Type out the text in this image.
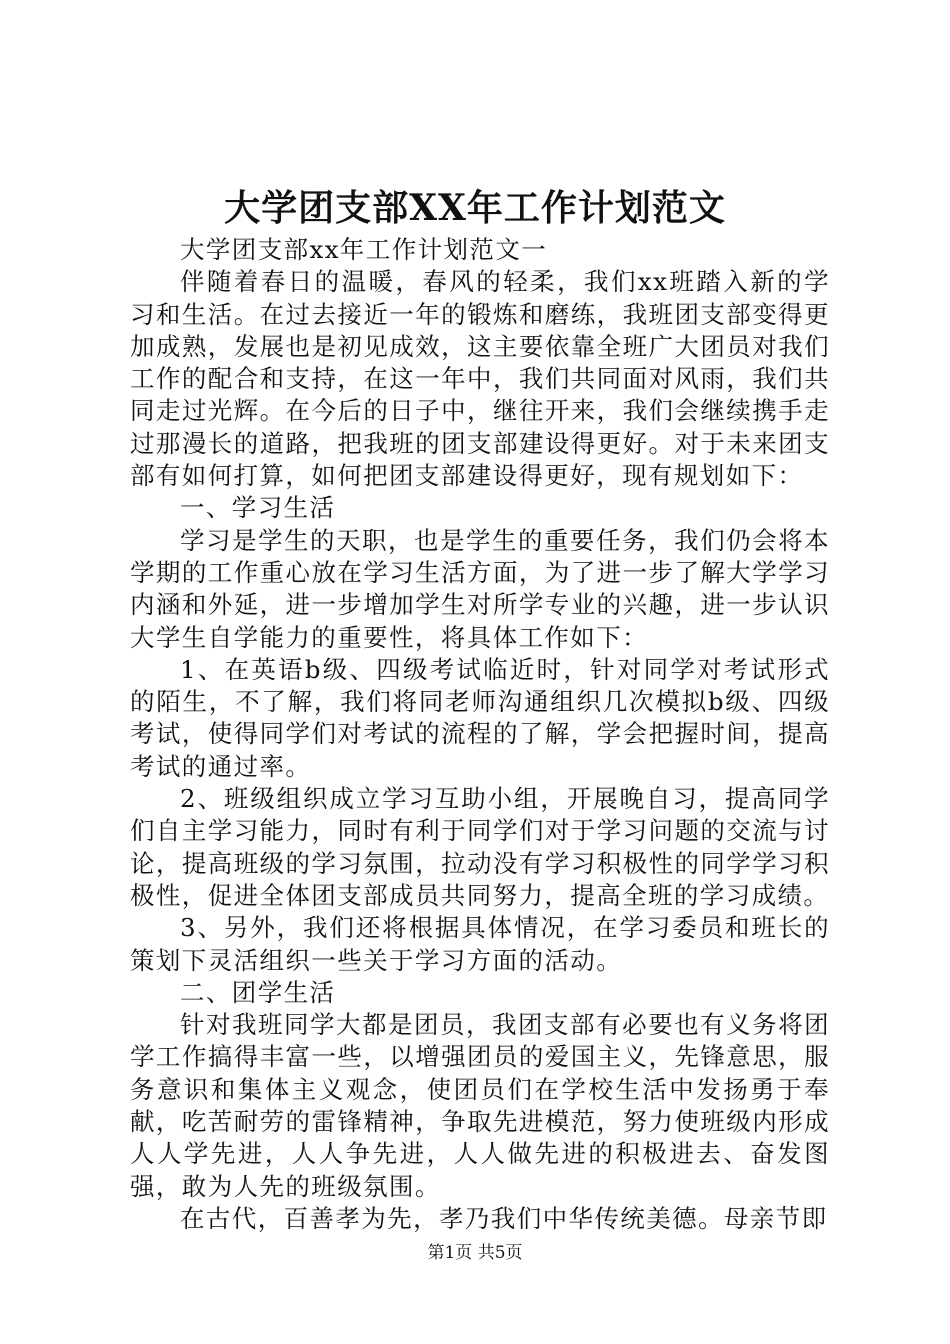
大学团支部XX年工作计划范文

大学团支部xx年工作计划范文一

伴随着春日的温暖，春风的轻柔，我们xx班踏入新的学习和生活。在过去接近一年的锻炼和磨练，我班团支部变得更加成熟，发展也是初见成效，这主要依靠全班广大团员对我们工作的配合和支持，在这一年中，我们共同面对风雨，我们共同走过光辉。在今后的日子中，继往开来，我们会继续携手走过那漫长的道路，把我班的团支部建设得更好。对于未来团支部有如何打算，如何把团支部建设得更好，现有规划如下：

一、学习生活

学习是学生的天职，也是学生的重要任务，我们仍会将本学期的工作重心放在学习生活方面，为了进一步了解大学学习内涵和外延，进一步增加学生对所学专业的兴趣，进一步认识大学生自学能力的重要性，将具体工作如下：

1、在英语b级、四级考试临近时，针对同学对考试形式的陌生，不了解，我们将同老师沟通组织几次模拟b级、四级考试，使得同学们对考试的流程的了解，学会把握时间，提高考试的通过率。

2、班级组织成立学习互助小组，开展晚自习，提高同学们自主学习能力，同时有利于同学们对于学习问题的交流与讨论，提高班级的学习氛围，拉动没有学习积极性的同学学习积极性，促进全体团支部成员共同努力，提高全班的学习成绩。

3、另外，我们还将根据具体情况，在学习委员和班长的策划下灵活组织一些关于学习方面的活动。

二、团学生活

针对我班同学大都是团员，我团支部有必要也有义务将团学工作搞得丰富一些，以增强团员的爱国主义，先锋意思，服务意识和集体主义观念，使团员们在学校生活中发扬勇于奉献，吃苦耐劳的雷锋精神，争取先进模范，努力使班级内形成人人学先进，人人争先进，人人做先进的积极进去、奋发图强，敢为人先的班级氛围。

在古代，百善孝为先，孝乃我们中华传统美德。母亲节即

第1页 共5页
